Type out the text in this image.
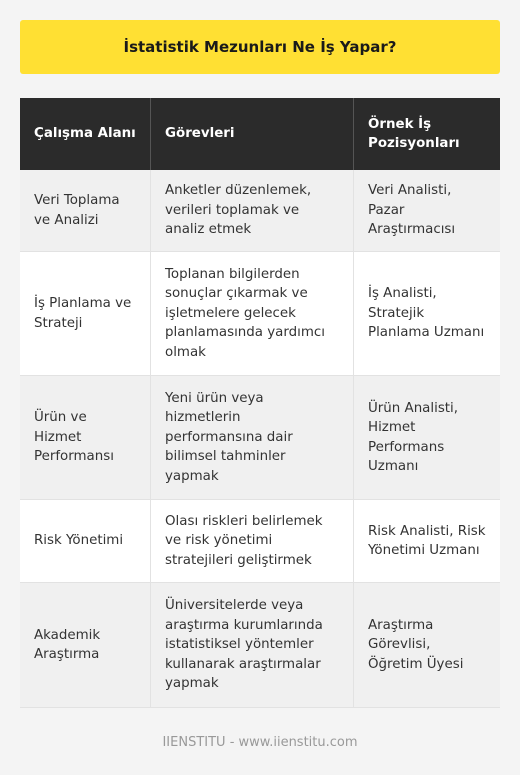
İstatistik Mezunları Ne İş Yapar?
Çalışma Alanı	Görevleri	Örnek İş Pozisyonları
Veri Toplama ve Analizi	Anketler düzenlemek, verileri toplamak ve analiz etmek	Veri Analisti, Pazar Araştırmacısı
İş Planlama ve Strateji	Toplanan bilgilerden sonuçlar çıkarmak ve işletmelere gelecek planlamasında yardımcı olmak	İş Analisti, Stratejik Planlama Uzmanı
Ürün ve Hizmet Performansı	Yeni ürün veya hizmetlerin performansına dair bilimsel tahminler yapmak	Ürün Analisti, Hizmet Performans Uzmanı
Risk Yönetimi	Olası riskleri belirlemek ve risk yönetimi stratejileri geliştirmek	Risk Analisti, Risk Yönetimi Uzmanı
Akademik Araştırma	Üniversitelerde veya araştırma kurumlarında istatistiksel yöntemler kullanarak araştırmalar yapmak	Araştırma Görevlisi, Öğretim Üyesi
IIENSTITU - www.iienstitu.com
